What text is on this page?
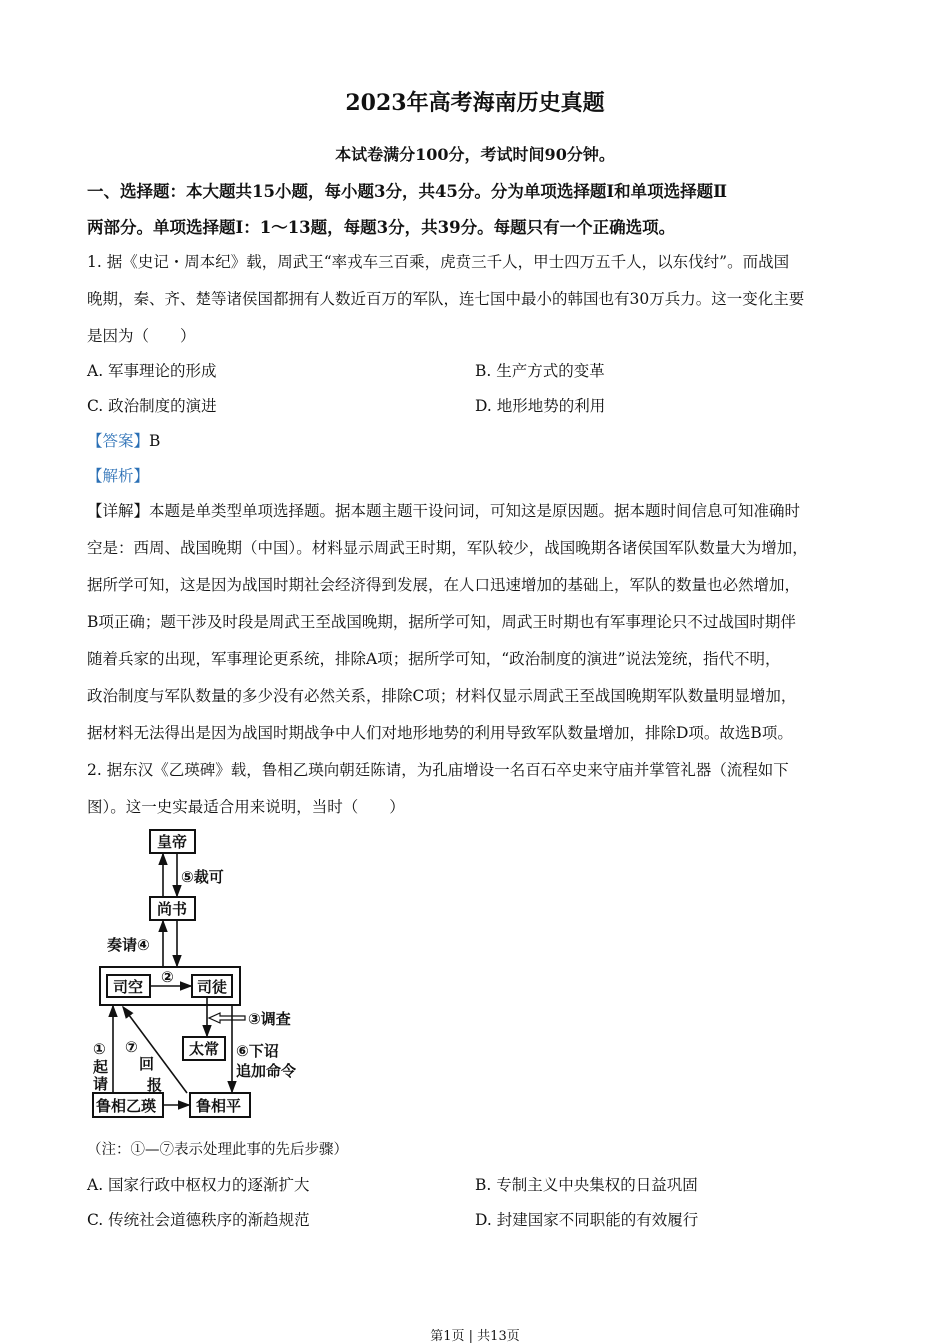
2023年高考海南历史真题
本试卷满分100分，考试时间90分钟。
一、选择题：本大题共15小题，每小题3分，共45分。分为单项选择题Ⅰ和单项选择题Ⅱ
两部分。单项选择题Ⅰ：1～13题，每题3分，共39分。每题只有一个正确选项。
1. 据《史记・周本纪》载，周武王“率戎车三百乘，虎贲三千人，甲士四万五千人，以东伐纣”。而战国
晚期，秦、齐、楚等诸侯国都拥有人数近百万的军队，连七国中最小的韩国也有30万兵力。这一变化主要
是因为（　　）
A. 军事理论的形成	B. 生产方式的变革
C. 政治制度的演进	D. 地形地势的利用
【答案】B
【解析】
【详解】本题是单类型单项选择题。据本题主题干设问词，可知这是原因题。据本题时间信息可知准确时
空是：西周、战国晚期（中国）。材料显示周武王时期，军队较少，战国晚期各诸侯国军队数量大为增加，
据所学可知，这是因为战国时期社会经济得到发展，在人口迅速增加的基础上，军队的数量也必然增加，
B项正确；题干涉及时段是周武王至战国晚期，据所学可知，周武王时期也有军事理论只不过战国时期伴
随着兵家的出现，军事理论更系统，排除A项；据所学可知，“政治制度的演进”说法笼统，指代不明，
政治制度与军队数量的多少没有必然关系，排除C项；材料仅显示周武王至战国晚期军队数量明显增加，
据材料无法得出是因为战国时期战争中人们对地形地势的利用导致军队数量增加，排除D项。故选B项。
2. 据东汉《乙瑛碑》载，鲁相乙瑛向朝廷陈请，为孔庙增设一名百石卒史来守庙并掌管礼器（流程如下
图）。这一史实最适合用来说明，当时（　　）
皇帝
尚书
司空	司徒
太常
鲁相乙瑛	鲁相平
⑤裁可
奏请④
②
③调查
⑥下诏
追加命令
①
起
请
⑦
回
报
（注：①—⑦表示处理此事的先后步骤）
A. 国家行政中枢权力的逐渐扩大	B. 专制主义中央集权的日益巩固
C. 传统社会道德秩序的渐趋规范	D. 封建国家不同职能的有效履行
第1页 | 共13页
